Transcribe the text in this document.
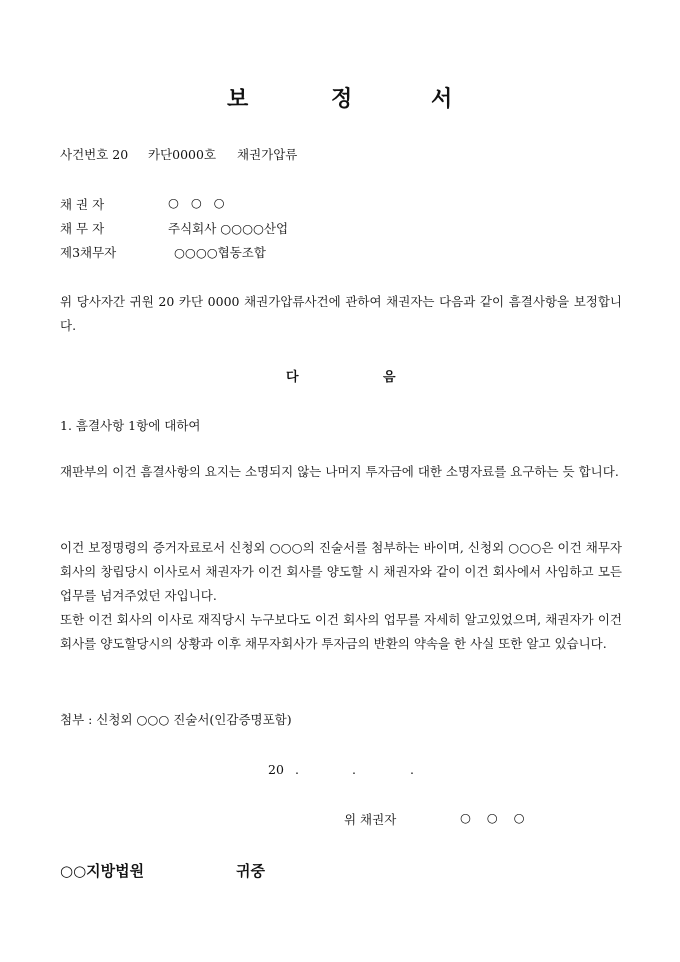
보	정	서
사건번호 20 카단0000호 채권가압류
채 권 자	○   ○   ○
채 무 자	주식회사 ○○○○산업
제3채무자	○○○○협동조합
위 당사자간 귀원 20 카단 0000 채권가압류사건에 관하여 채권자는 다음과 같이 흠결사항을 보정합니다.
다	음
1. 흠결사항 1항에 대하여
재판부의 이건 흠결사항의 요지는 소명되지 않는 나머지 투자금에 대한 소명자료를 요구하는 듯 합니다.
이건 보정명령의 증거자료로서 신청외 ○○○의 진술서를 첨부하는 바이며, 신청외 ○○○은 이건 채무자회사의 창립당시 이사로서 채권자가 이건 회사를 양도할 시 채권자와 같이 이건 회사에서 사임하고 모든 업무를 넘겨주었던 자입니다.
또한 이건 회사의 이사로 재직당시 누구보다도 이건 회사의 업무를 자세히 알고있었으며, 채권자가 이건 회사를 양도할당시의 상황과 이후 채무자회사가 투자금의 반환의 약속을 한 사실 또한 알고 있습니다.
첨부 : 신청외 ○○○ 진술서(인감증명포함)
20 .	.	.
위 채권자	○    ○    ○
○○지방법원	귀중
